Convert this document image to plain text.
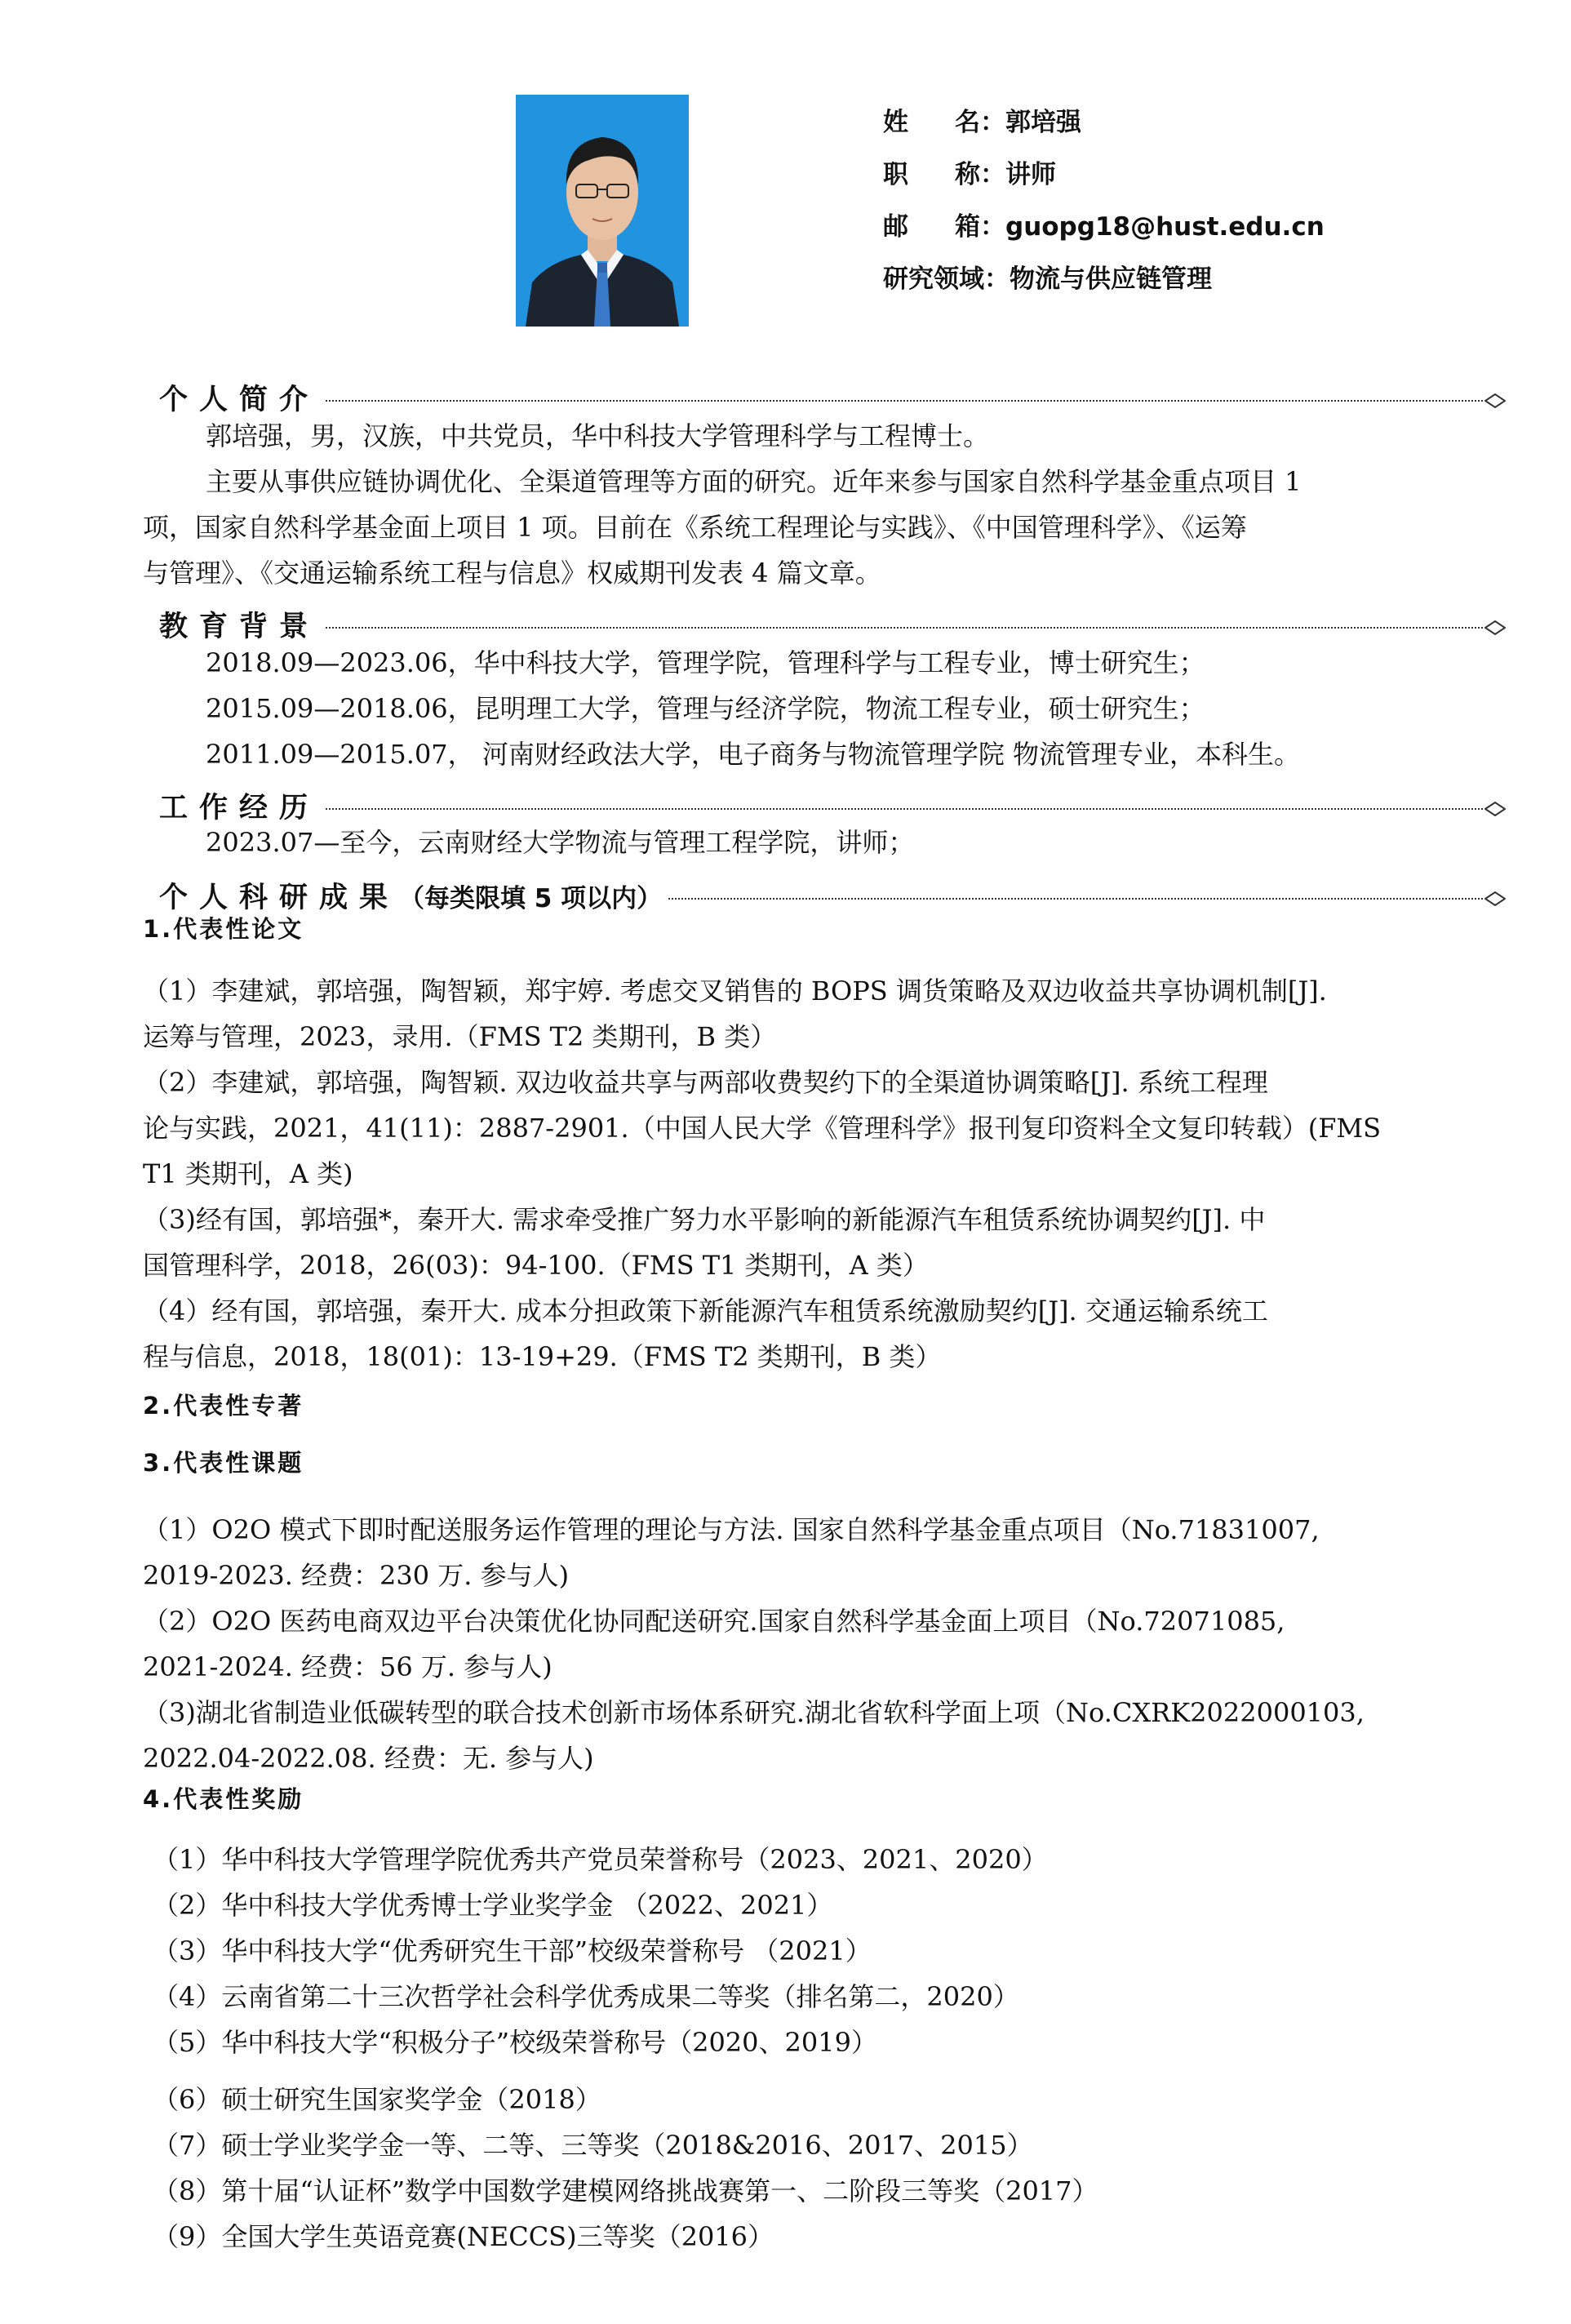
姓 名： 郭培强
职 称： 讲师
邮 箱： guopg18@hust.edu.cn
研究领域： 物流与供应链管理
个人简介
郭培强，男，汉族，中共党员，华中科技大学管理科学与工程博士。
主要从事供应链协调优化、全渠道管理等方面的研究。近年来参与国家自然科学基金重点项目 1
项，国家自然科学基金面上项目 1 项。目前在《系统工程理论与实践》、《中国管理科学》、《运筹
与管理》、《交通运输系统工程与信息》权威期刊发表 4 篇文章。
教育背景
2018.09—2023.06，华中科技大学，管理学院，管理科学与工程专业，博士研究生；
2015.09—2018.06，昆明理工大学，管理与经济学院，物流工程专业，硕士研究生；
2011.09—2015.07， 河南财经政法大学，电子商务与物流管理学院 物流管理专业，本科生。
工作经历
2023.07—至今，云南财经大学物流与管理工程学院，讲师；
个人科研成果（每类限填 5 项以内）
1.代表性论文
（1）李建斌，郭培强，陶智颖，郑宇婷. 考虑交叉销售的 BOPS 调货策略及双边收益共享协调机制[J].
运筹与管理，2023，录用.（FMS T2 类期刊，B 类）
（2）李建斌，郭培强，陶智颖. 双边收益共享与两部收费契约下的全渠道协调策略[J]. 系统工程理
论与实践，2021，41(11)：2887-2901.（中国人民大学《管理科学》报刊复印资料全文复印转载）(FMS
T1 类期刊，A 类)
（3)经有国，郭培强*，秦开大. 需求牵受推广努力水平影响的新能源汽车租赁系统协调契约[J]. 中
国管理科学，2018，26(03)：94-100.（FMS T1 类期刊，A 类）
（4）经有国，郭培强，秦开大. 成本分担政策下新能源汽车租赁系统激励契约[J]. 交通运输系统工
程与信息，2018，18(01)：13-19+29.（FMS T2 类期刊，B 类）
2.代表性专著
3.代表性课题
（1）O2O 模式下即时配送服务运作管理的理论与方法. 国家自然科学基金重点项目（No.71831007,
2019-2023. 经费：230 万. 参与人)
（2）O2O 医药电商双边平台决策优化协同配送研究.国家自然科学基金面上项目（No.72071085,
2021-2024. 经费：56 万. 参与人)
（3)湖北省制造业低碳转型的联合技术创新市场体系研究.湖北省软科学面上项（No.CXRK2022000103,
2022.04-2022.08. 经费：无. 参与人)
4.代表性奖励
（1）华中科技大学管理学院优秀共产党员荣誉称号（2023、2021、2020）
（2）华中科技大学优秀博士学业奖学金 （2022、2021）
（3）华中科技大学“优秀研究生干部”校级荣誉称号 （2021）
（4）云南省第二十三次哲学社会科学优秀成果二等奖（排名第二，2020）
（5）华中科技大学“积极分子”校级荣誉称号（2020、2019）
（6）硕士研究生国家奖学金（2018）
（7）硕士学业奖学金一等、二等、三等奖（2018&2016、2017、2015）
（8）第十届“认证杯”数学中国数学建模网络挑战赛第一、二阶段三等奖（2017）
（9）全国大学生英语竞赛(NECCS)三等奖（2016）
